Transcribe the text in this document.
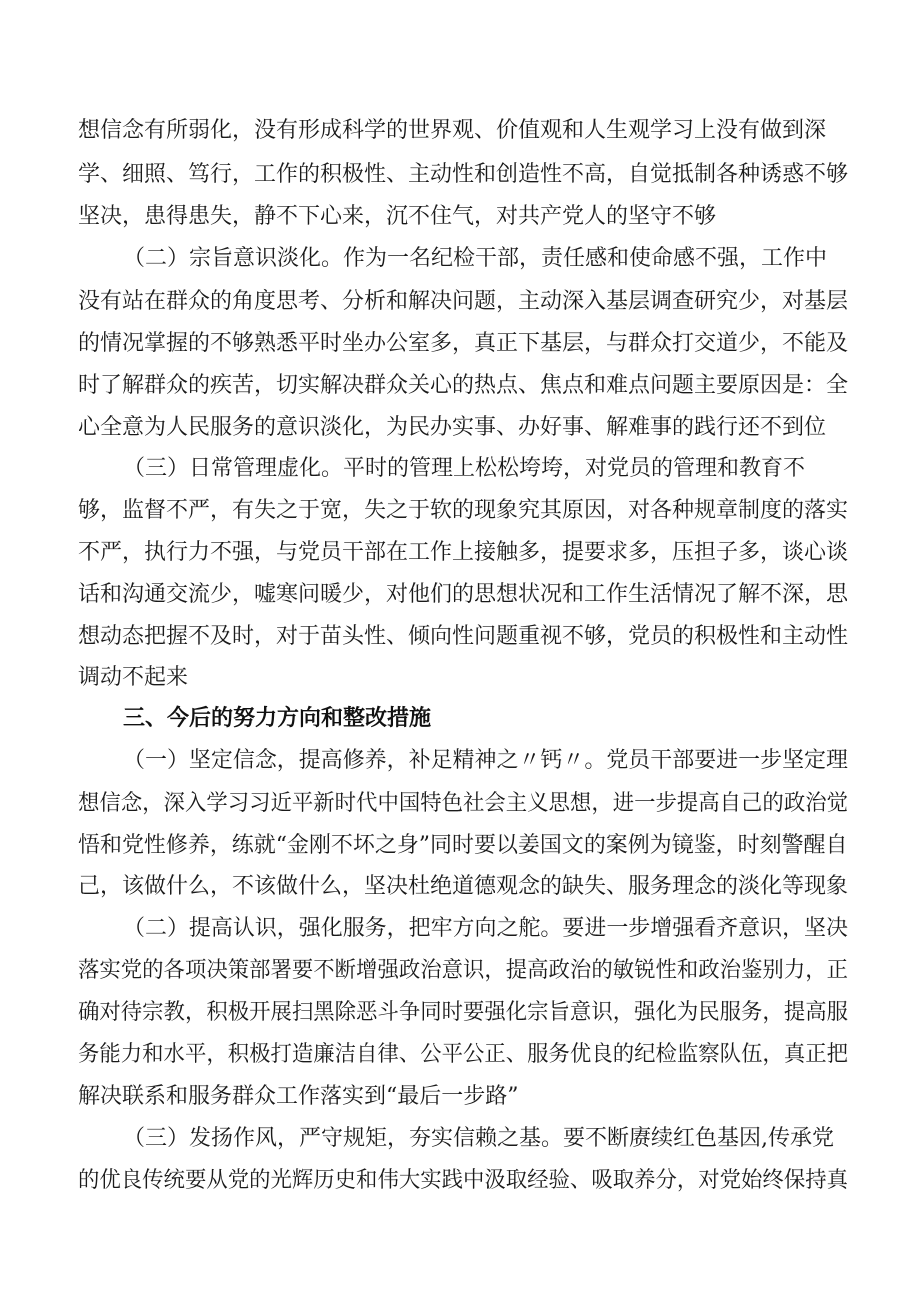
想信念有所弱化，没有形成科学的世界观、价值观和人生观学习上没有做到深
学、细照、笃行，工作的积极性、主动性和创造性不高，自觉抵制各种诱惑不够
坚决，患得患失，静不下心来，沉不住气，对共产党人的坚守不够
（二）宗旨意识淡化。作为一名纪检干部，责任感和使命感不强，工作中
没有站在群众的角度思考、分析和解决问题，主动深入基层调查研究少，对基层
的情况掌握的不够熟悉平时坐办公室多，真正下基层，与群众打交道少，不能及
时了解群众的疾苦，切实解决群众关心的热点、焦点和难点问题主要原因是：全
心全意为人民服务的意识淡化，为民办实事、办好事、解难事的践行还不到位
（三）日常管理虚化。平时的管理上松松垮垮，对党员的管理和教育不
够，监督不严，有失之于宽，失之于软的现象究其原因，对各种规章制度的落实
不严，执行力不强，与党员干部在工作上接触多，提要求多，压担子多，谈心谈
话和沟通交流少，嘘寒问暖少，对他们的思想状况和工作生活情况了解不深，思
想动态把握不及时，对于苗头性、倾向性问题重视不够，党员的积极性和主动性
调动不起来
三、今后的努力方向和整改措施
（一）坚定信念，提高修养，补足精神之〃钙〃。党员干部要进一步坚定理
想信念，深入学习习近平新时代中国特色社会主义思想，进一步提高自己的政治觉
悟和党性修养，练就“金刚不坏之身”同时要以姜国文的案例为镜鉴，时刻警醒自
己，该做什么，不该做什么，坚决杜绝道德观念的缺失、服务理念的淡化等现象
（二）提高认识，强化服务，把牢方向之舵。要进一步增强看齐意识，坚决
落实党的各项决策部署要不断增强政治意识，提高政治的敏锐性和政治鉴别力，正
确对待宗教，积极开展扫黑除恶斗争同时要强化宗旨意识，强化为民服务，提高服
务能力和水平，积极打造廉洁自律、公平公正、服务优良的纪检监察队伍，真正把
解决联系和服务群众工作落实到“最后一步路”
（三）发扬作风，严守规矩，夯实信赖之基。要不断赓续红色基因,传承党
的优良传统要从党的光辉历史和伟大实践中汲取经验、吸取养分，对党始终保持真
